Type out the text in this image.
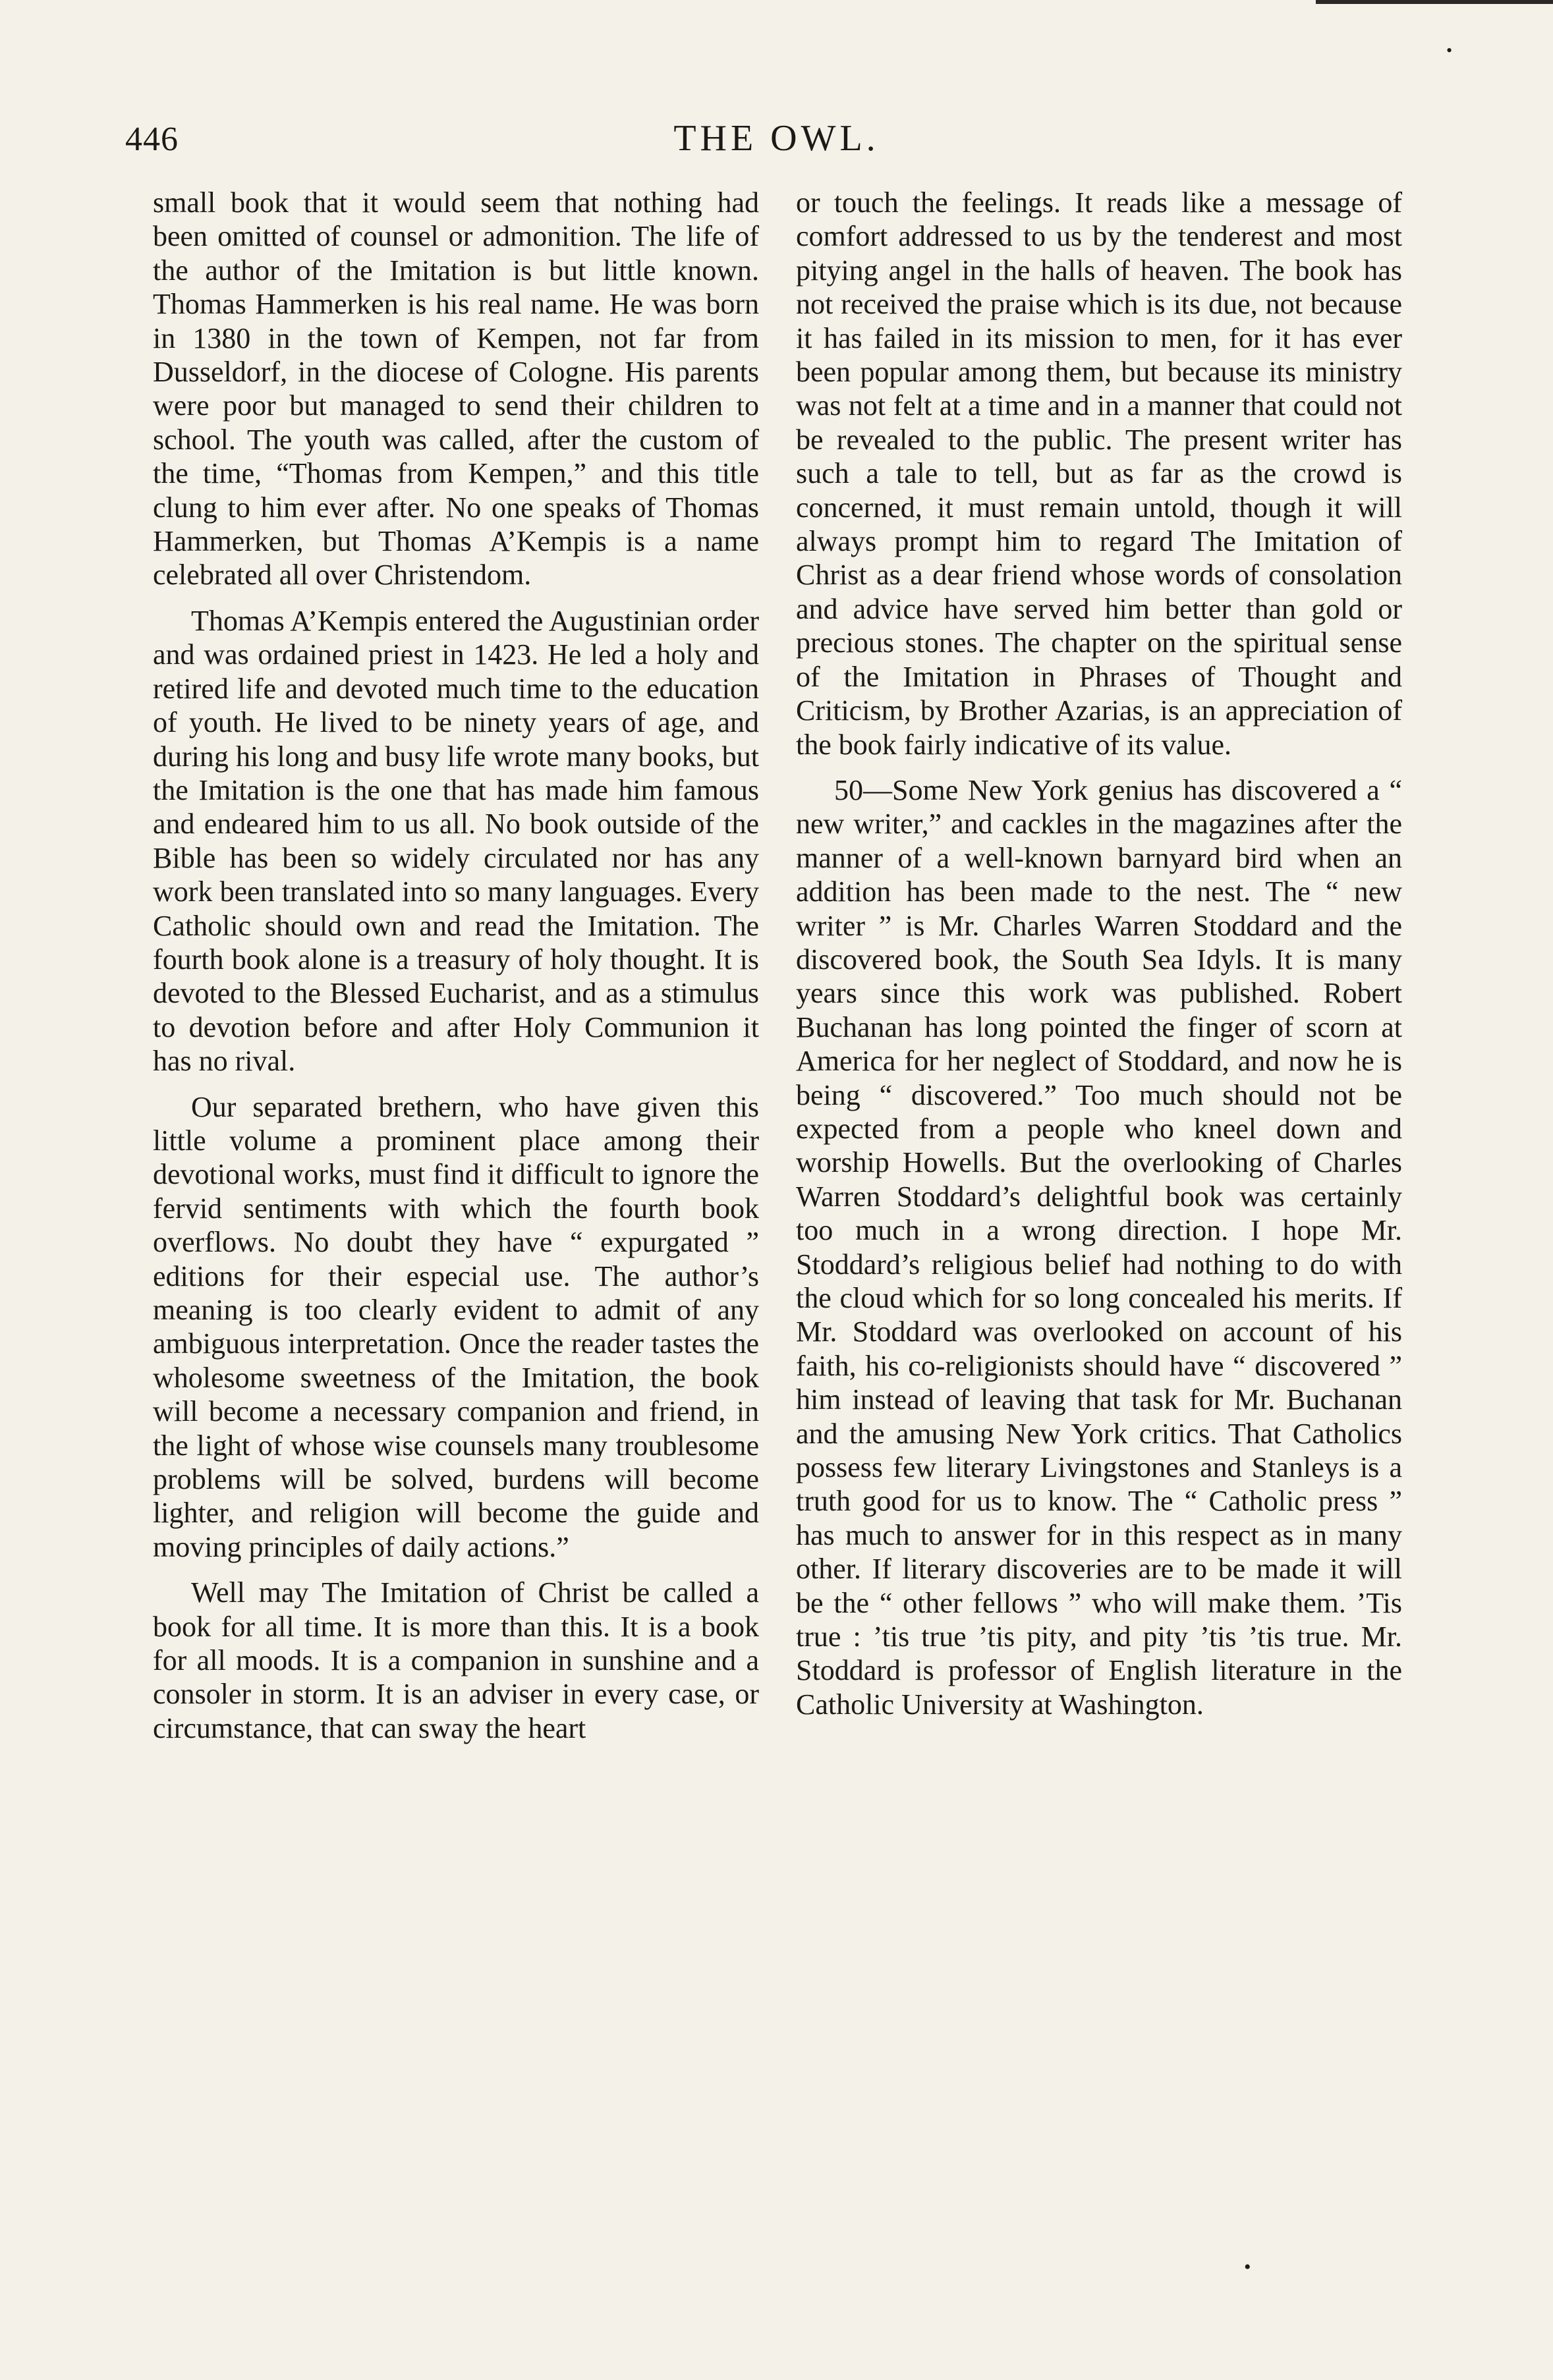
•
446	THE OWL.

small book that it would seem that nothing had been omitted of counsel or admonition. The life of the author of the Imitation is but little known. Thomas Hammerken is his real name. He was born in 1380 in the town of Kempen, not far from Dusseldorf, in the diocese of Cologne. His parents were poor but managed to send their children to school. The youth was called, after the custom of the time, “Thomas from Kempen,” and this title clung to him ever after. No one speaks of Thomas Hammerken, but Thomas A’Kempis is a name celebrated all over Christendom.

Thomas A’Kempis entered the Augustinian order and was ordained priest in 1423. He led a holy and retired life and devoted much time to the education of youth. He lived to be ninety years of age, and during his long and busy life wrote many books, but the Imitation is the one that has made him famous and endeared him to us all. No book outside of the Bible has been so widely circulated nor has any work been translated into so many languages. Every Catholic should own and read the Imitation. The fourth book alone is a treasury of holy thought. It is devoted to the Blessed Eucharist, and as a stimulus to devotion before and after Holy Communion it has no rival.

Our separated brethern, who have given this little volume a prominent place among their devotional works, must find it difficult to ignore the fervid sentiments with which the fourth book overflows. No doubt they have “ expurgated ” editions for their especial use. The author’s meaning is too clearly evident to admit of any ambiguous interpretation. Once the reader tastes the wholesome sweetness of the Imitation, the book will become a necessary companion and friend, in the light of whose wise counsels many troublesome problems will be solved, burdens will become lighter, and religion will become the guide and moving principles of daily actions.”

Well may The Imitation of Christ be called a book for all time. It is more than this. It is a book for all moods. It is a companion in sunshine and a consoler in storm. It is an adviser in every case, or circumstance, that can sway the heart

or touch the feelings. It reads like a message of comfort addressed to us by the tenderest and most pitying angel in the halls of heaven. The book has not received the praise which is its due, not because it has failed in its mission to men, for it has ever been popular among them, but because its ministry was not felt at a time and in a manner that could not be revealed to the public. The present writer has such a tale to tell, but as far as the crowd is concerned, it must remain untold, though it will always prompt him to regard The Imitation of Christ as a dear friend whose words of consolation and advice have served him better than gold or precious stones. The chapter on the spiritual sense of the Imitation in Phrases of Thought and Criticism, by Brother Azarias, is an appreciation of the book fairly indicative of its value.

50—Some New York genius has discovered a “ new writer,” and cackles in the magazines after the manner of a well-known barnyard bird when an addition has been made to the nest. The “ new writer ” is Mr. Charles Warren Stoddard and the discovered book, the South Sea Idyls. It is many years since this work was published. Robert Buchanan has long pointed the finger of scorn at America for her neglect of Stoddard, and now he is being “ discovered.” Too much should not be expected from a people who kneel down and worship Howells. But the overlooking of Charles Warren Stoddard’s delightful book was certainly too much in a wrong direction. I hope Mr. Stoddard’s religious belief had nothing to do with the cloud which for so long concealed his merits. If Mr. Stoddard was overlooked on account of his faith, his co-religionists should have “ discovered ” him instead of leaving that task for Mr. Buchanan and the amusing New York critics. That Catholics possess few literary Livingstones and Stanleys is a truth good for us to know. The “ Catholic press ” has much to answer for in this respect as in many other. If literary discoveries are to be made it will be the “ other fellows ” who will make them. ’Tis true : ’tis true ’tis pity, and pity ’tis ’tis true. Mr. Stoddard is professor of English literature in the Catholic University at Washington.

•
